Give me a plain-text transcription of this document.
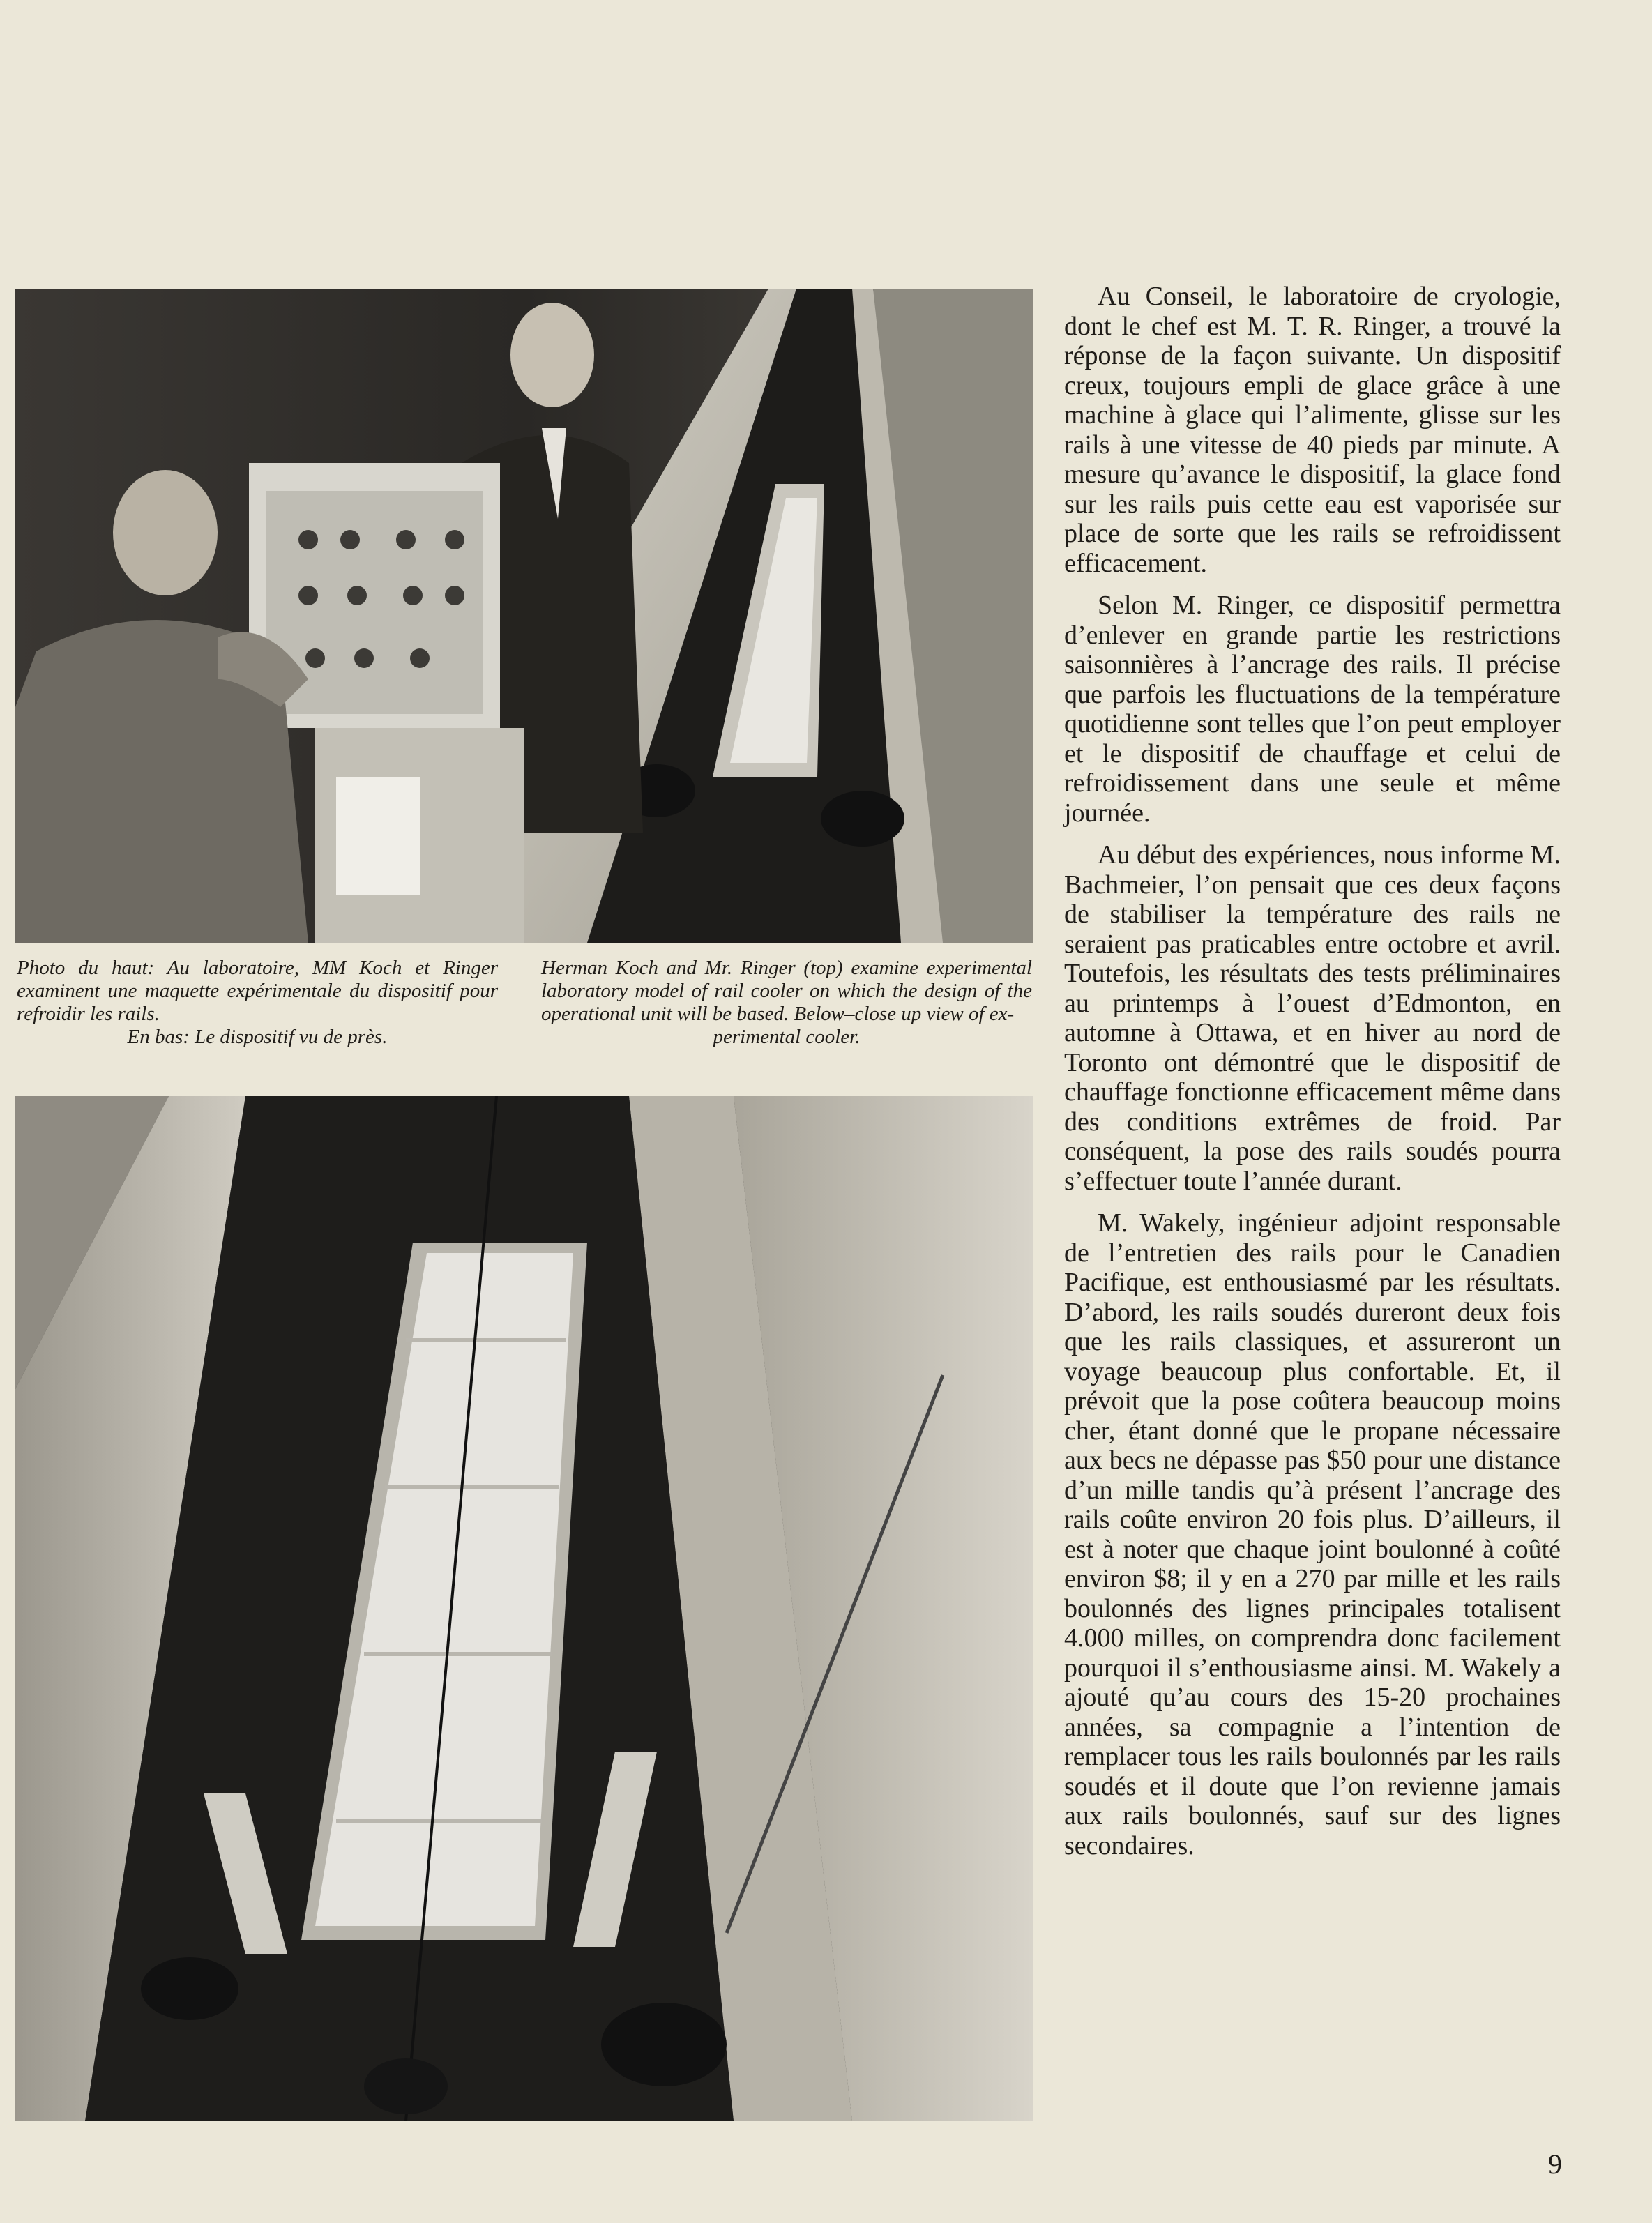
Photo du haut: Au laboratoire, MM Koch et Ringer examinent une maquette expérimentale du dispositif pour refroidir les rails.
En bas: Le dispositif vu de près.

Herman Koch and Mr. Ringer (top) examine experimental laboratory model of rail cooler on which the design of the operational unit will be based. Below–close up view of ex-
perimental cooler.

Au Conseil, le laboratoire de cryologie, dont le chef est M. T. R. Ringer, a trouvé la réponse de la façon suivante. Un dispositif creux, toujours empli de glace grâce à une machine à glace qui l’alimente, glisse sur les rails à une vitesse de 40 pieds par minute. A mesure qu’avance le dispositif, la glace fond sur les rails puis cette eau est vaporisée sur place de sorte que les rails se refroidissent efficacement.

Selon M. Ringer, ce dispositif permettra d’enlever en grande partie les restrictions saisonnières à l’ancrage des rails. Il précise que parfois les fluctuations de la température quotidienne sont telles que l’on peut employer et le dispositif de chauffage et celui de refroidissement dans une seule et même journée.

Au début des expériences, nous informe M. Bachmeier, l’on pensait que ces deux façons de stabiliser la température des rails ne seraient pas praticables entre octobre et avril. Toutefois, les résultats des tests préliminaires au printemps à l’ouest d’Edmonton, en automne à Ottawa, et en hiver au nord de Toronto ont démontré que le dispositif de chauffage fonctionne efficacement même dans des conditions extrêmes de froid. Par conséquent, la pose des rails soudés pourra s’effectuer toute l’année durant.

M. Wakely, ingénieur adjoint responsable de l’entretien des rails pour le Canadien Pacifique, est enthousiasmé par les résultats. D’abord, les rails soudés dureront deux fois que les rails classiques, et assureront un voyage beaucoup plus confortable. Et, il prévoit que la pose coûtera beaucoup moins cher, étant donné que le propane nécessaire aux becs ne dépasse pas $50 pour une distance d’un mille tandis qu’à présent l’ancrage des rails coûte environ 20 fois plus. D’ailleurs, il est à noter que chaque joint boulonné à coûté environ $8; il y en a 270 par mille et les rails boulonnés des lignes principales totalisent 4.000 milles, on comprendra donc facilement pourquoi il s’enthousiasme ainsi. M. Wakely a ajouté qu’au cours des 15-20 prochaines années, sa compagnie a l’intention de remplacer tous les rails boulonnés par les rails soudés et il doute que l’on revienne jamais aux rails boulonnés, sauf sur des lignes secondaires.

9
